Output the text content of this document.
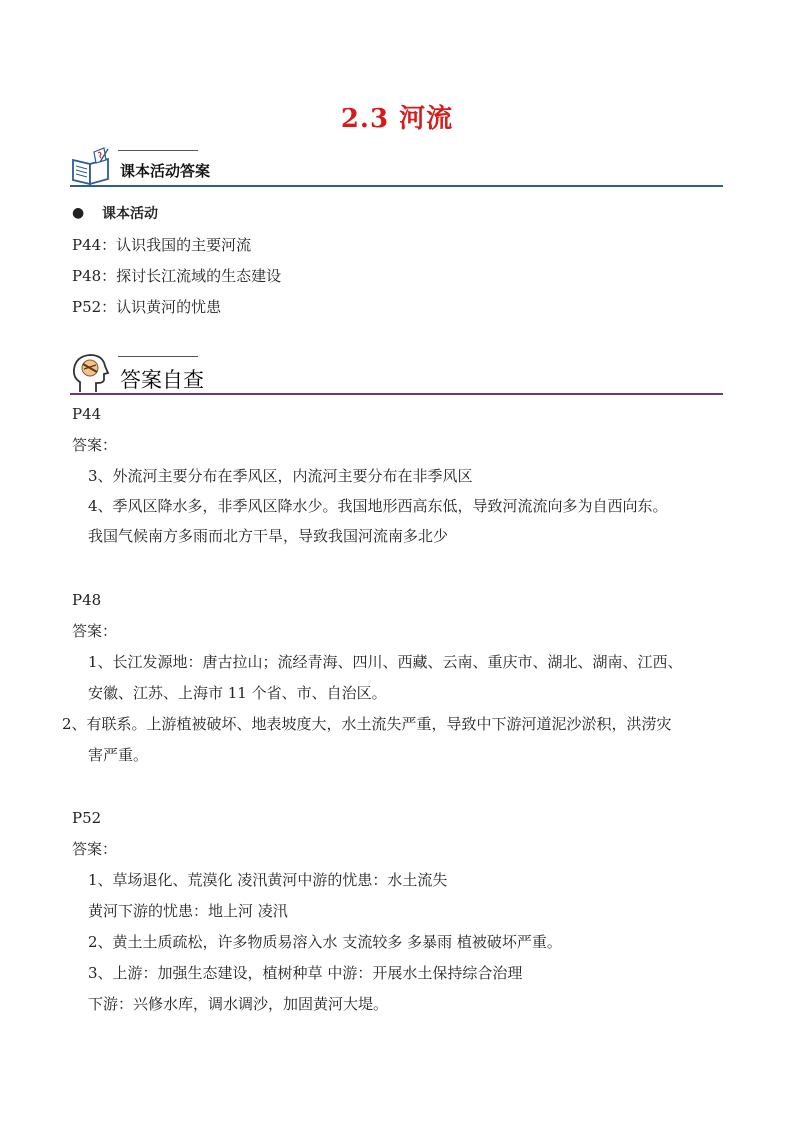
2.3 河流
课本活动答案
● 课本活动
P44：认识我国的主要河流
P48：探讨长江流域的生态建设
P52：认识黄河的忧患
答案自查
P44
答案：
3、外流河主要分布在季风区，内流河主要分布在非季风区
4、季风区降水多，非季风区降水少。我国地形西高东低，导致河流流向多为自西向东。
我国气候南方多雨而北方干旱，导致我国河流南多北少
P48
答案：
1、长江发源地：唐古拉山；流经青海、四川、西藏、云南、重庆市、湖北、湖南、江西、
安徽、江苏、上海市 11 个省、市、自治区。
2、有联系。上游植被破坏、地表坡度大，水土流失严重，导致中下游河道泥沙淤积，洪涝灾
害严重。
P52
答案：
1、草场退化、荒漠化 凌汛黄河中游的忧患：水土流失
黄河下游的忧患：地上河 凌汛
2、黄土土质疏松，许多物质易溶入水 支流较多 多暴雨 植被破坏严重。
3、上游：加强生态建设，植树种草 中游：开展水土保持综合治理
下游：兴修水库，调水调沙，加固黄河大堤。
